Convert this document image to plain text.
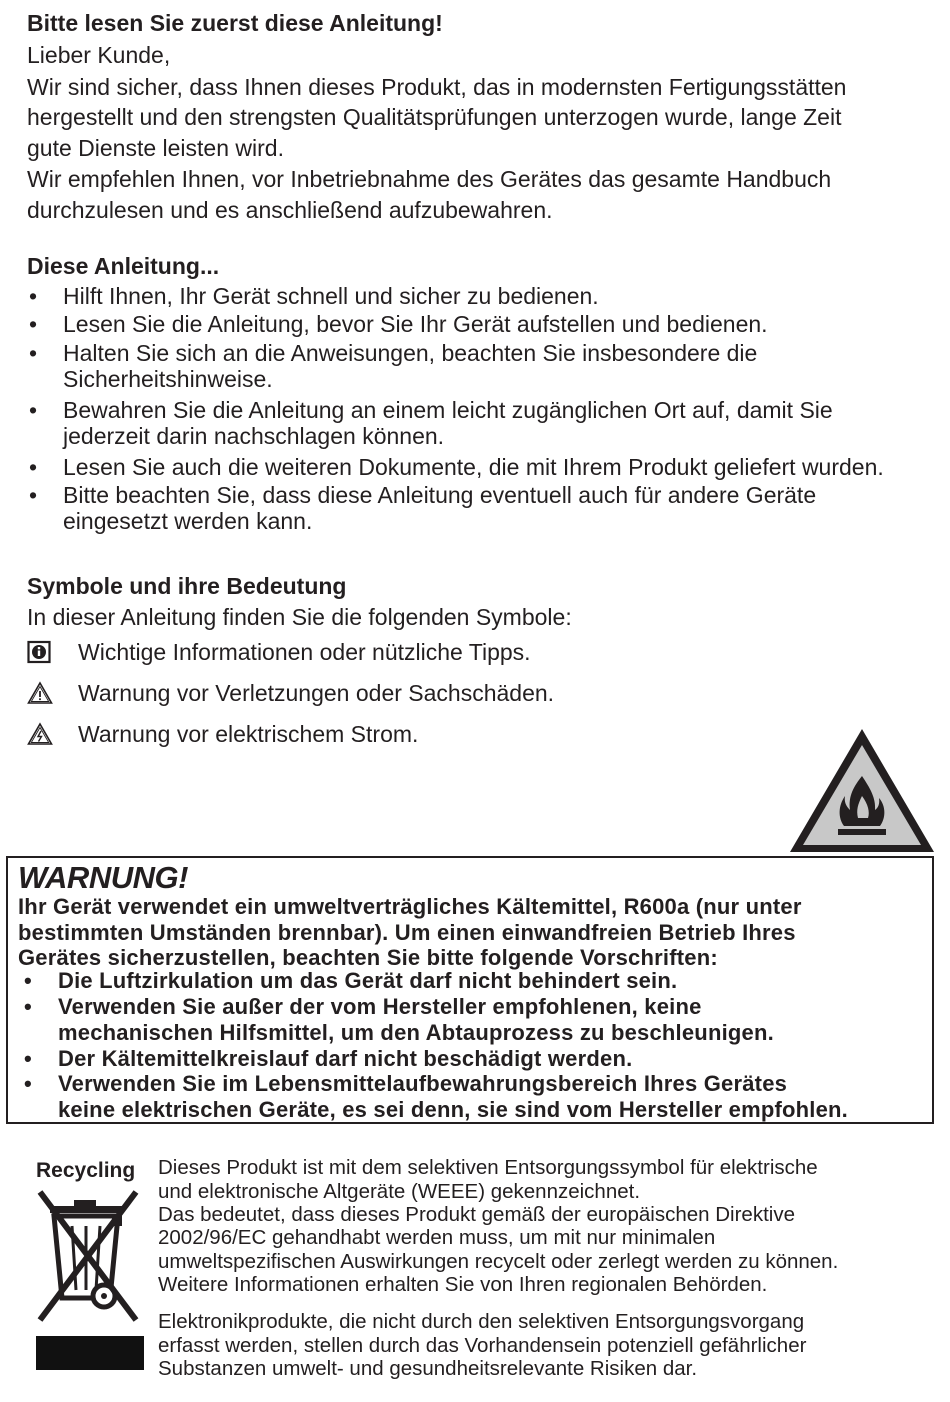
Bitte lesen Sie zuerst diese Anleitung!
Lieber Kunde,
Wir sind sicher, dass Ihnen dieses Produkt, das in modernsten Fertigungsstätten
hergestellt und den strengsten Qualitätsprüfungen unterzogen wurde, lange Zeit
gute Dienste leisten wird.
Wir empfehlen Ihnen, vor Inbetriebnahme des Gerätes das gesamte Handbuch
durchzulesen und es anschließend aufzubewahren.
Diese Anleitung...
• Hilft Ihnen, Ihr Gerät schnell und sicher zu bedienen.
• Lesen Sie die Anleitung, bevor Sie Ihr Gerät aufstellen und bedienen.
• Halten Sie sich an die Anweisungen, beachten Sie insbesondere die
Sicherheitshinweise.
• Bewahren Sie die Anleitung an einem leicht zugänglichen Ort auf, damit Sie
jederzeit darin nachschlagen können.
• Lesen Sie auch die weiteren Dokumente, die mit Ihrem Produkt geliefert wurden.
• Bitte beachten Sie, dass diese Anleitung eventuell auch für andere Geräte
eingesetzt werden kann.
Symbole und ihre Bedeutung
In dieser Anleitung finden Sie die folgenden Symbole:
Wichtige Informationen oder nützliche Tipps.
Warnung vor Verletzungen oder Sachschäden.
Warnung vor elektrischem Strom.
WARNUNG!
Ihr Gerät verwendet ein umweltverträgliches Kältemittel, R600a (nur unter
bestimmten Umständen brennbar). Um einen einwandfreien Betrieb Ihres
Gerätes sicherzustellen, beachten Sie bitte folgende Vorschriften:
• Die Luftzirkulation um das Gerät darf nicht behindert sein.
• Verwenden Sie außer der vom Hersteller empfohlenen, keine
mechanischen Hilfsmittel, um den Abtauprozess zu beschleunigen.
• Der Kältemittelkreislauf darf nicht beschädigt werden.
• Verwenden Sie im Lebensmittelaufbewahrungsbereich Ihres Gerätes
keine elektrischen Geräte, es sei denn, sie sind vom Hersteller empfohlen.
Recycling Dieses Produkt ist mit dem selektiven Entsorgungssymbol für elektrische
und elektronische Altgeräte (WEEE) gekennzeichnet.
Das bedeutet, dass dieses Produkt gemäß der europäischen Direktive
2002/96/EC gehandhabt werden muss, um mit nur minimalen
umweltspezifischen Auswirkungen recycelt oder zerlegt werden zu können.
Weitere Informationen erhalten Sie von Ihren regionalen Behörden.
Elektronikprodukte, die nicht durch den selektiven Entsorgungsvorgang
erfasst werden, stellen durch das Vorhandensein potenziell gefährlicher
Substanzen umwelt- und gesundheitsrelevante Risiken dar.
